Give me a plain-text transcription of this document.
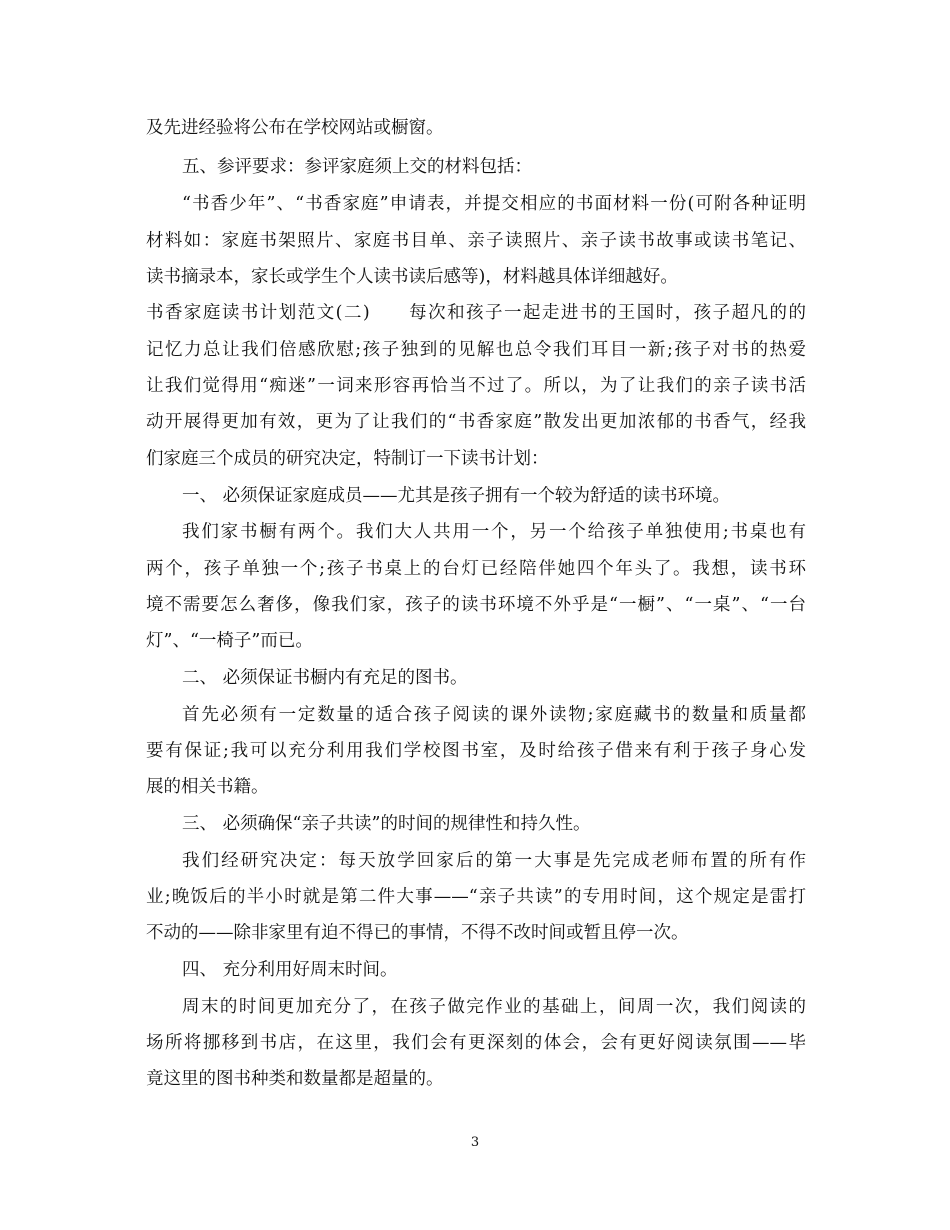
及先进经验将公布在学校网站或橱窗。
五、参评要求：参评家庭须上交的材料包括：
“书香少年”、“书香家庭”申请表，并提交相应的书面材料一份(可附各种证明
材料如：家庭书架照片、家庭书目单、亲子读照片、亲子读书故事或读书笔记、
读书摘录本，家长或学生个人读书读后感等)，材料越具体详细越好。
书香家庭读书计划范文(二)　　每次和孩子一起走进书的王国时，孩子超凡的的
记忆力总让我们倍感欣慰;孩子独到的见解也总令我们耳目一新;孩子对书的热爱
让我们觉得用“痴迷”一词来形容再恰当不过了。所以，为了让我们的亲子读书活
动开展得更加有效，更为了让我们的“书香家庭”散发出更加浓郁的书香气，经我
们家庭三个成员的研究决定，特制订一下读书计划：
一、 必须保证家庭成员——尤其是孩子拥有一个较为舒适的读书环境。
我们家书橱有两个。我们大人共用一个，另一个给孩子单独使用;书桌也有
两个，孩子单独一个;孩子书桌上的台灯已经陪伴她四个年头了。我想，读书环
境不需要怎么奢侈，像我们家，孩子的读书环境不外乎是“一橱”、“一桌”、“一台
灯”、“一椅子”而已。
二、 必须保证书橱内有充足的图书。
首先必须有一定数量的适合孩子阅读的课外读物;家庭藏书的数量和质量都
要有保证;我可以充分利用我们学校图书室，及时给孩子借来有利于孩子身心发
展的相关书籍。
三、 必须确保“亲子共读”的时间的规律性和持久性。
我们经研究决定：每天放学回家后的第一大事是先完成老师布置的所有作
业;晚饭后的半小时就是第二件大事——“亲子共读”的专用时间，这个规定是雷打
不动的——除非家里有迫不得已的事情，不得不改时间或暂且停一次。
四、 充分利用好周末时间。
周末的时间更加充分了，在孩子做完作业的基础上，间周一次，我们阅读的
场所将挪移到书店，在这里，我们会有更深刻的体会，会有更好阅读氛围——毕
竟这里的图书种类和数量都是超量的。
3
